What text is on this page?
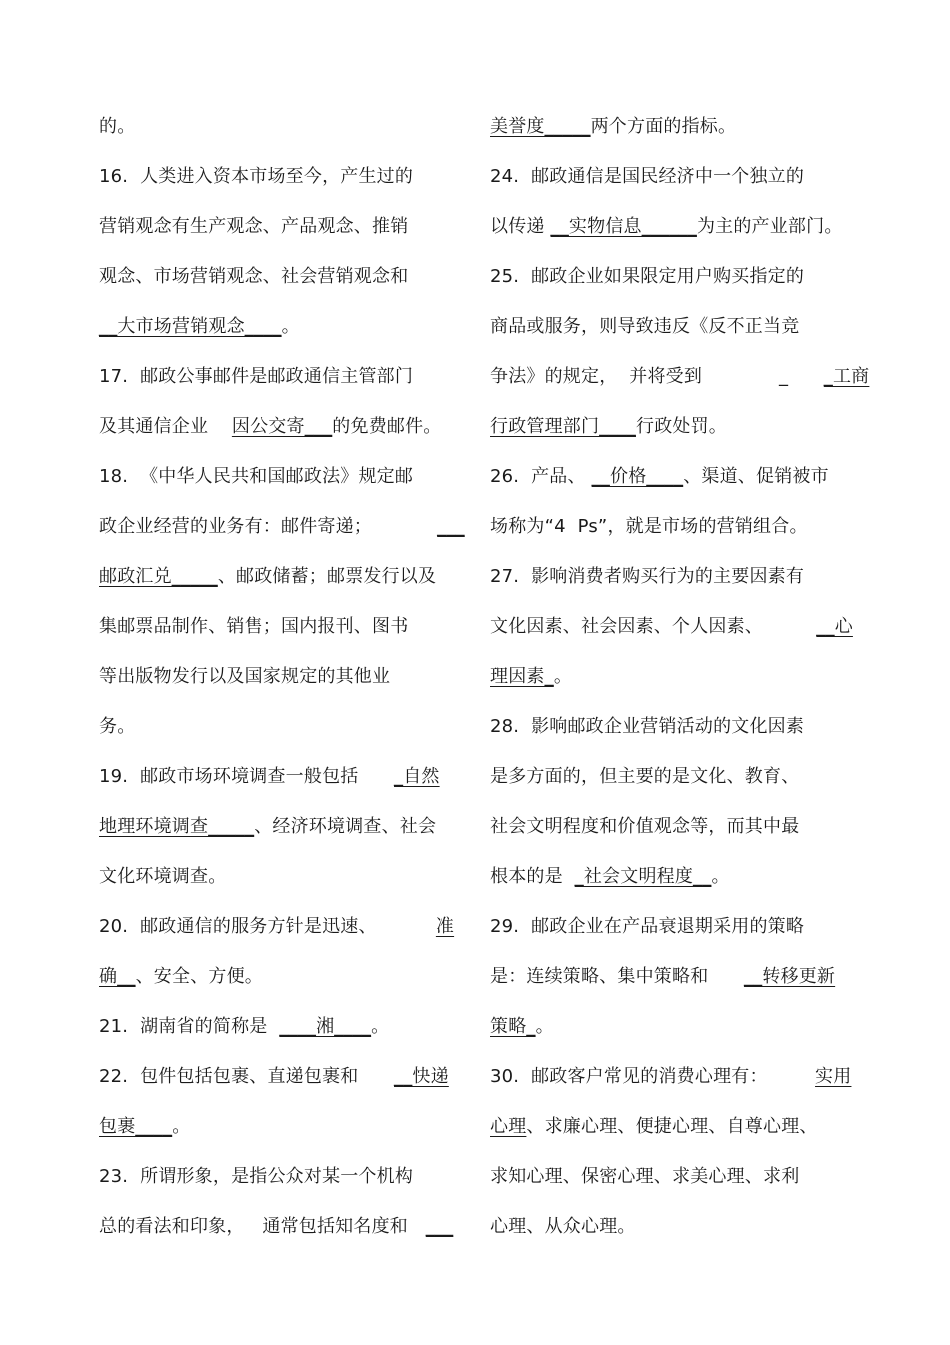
的。
16.  人类进入资本市场至今，产生过的
营销观念有生产观念、产品观念、推销
观念、市场营销观念、社会营销观念和
__大市场营销观念____。
17.  邮政公事邮件是邮政通信主管部门
及其通信企业    因公交寄___的免费邮件。
18.  《中华人民共和国邮政法》规定邮
政企业经营的业务有：邮件寄递；           ___
邮政汇兑_____、邮政储蓄；邮票发行以及
集邮票品制作、销售；国内报刊、图书
等出版物发行以及国家规定的其他业
务。
19.  邮政市场环境调查一般包括      _自然
地理环境调查_____、经济环境调查、社会
文化环境调查。
20.  邮政通信的服务方针是迅速、          准
确__、安全、方便。
21.  湖南省的简称是  ____湘____。
22.  包件包括包裹、直递包裹和      __快递
包裹____。
23.  所谓形象，是指公众对某一个机构
总的看法和印象，   通常包括知名度和   ___
美誉度_____两个方面的指标。
24.  邮政通信是国民经济中一个独立的
以传递 __实物信息______为主的产业部门。
25.  邮政企业如果限定用户购买指定的
商品或服务，则导致违反《反不正当竞
争法》的规定，  并将受到             _      _工商
行政管理部门____行政处罚。
26.  产品、 __价格____、渠道、促销被市
场称为“4  Ps”，就是市场的营销组合。
27.  影响消费者购买行为的主要因素有
文化因素、社会因素、个人因素、         __心
理因素_。
28.  影响邮政企业营销活动的文化因素
是多方面的，但主要的是文化、教育、
社会文明程度和价值观念等，而其中最
根本的是  _社会文明程度__。
29.  邮政企业在产品衰退期采用的策略
是：连续策略、集中策略和      __转移更新
策略_。
30.  邮政客户常见的消费心理有：        实用
心理、求廉心理、便捷心理、自尊心理、
求知心理、保密心理、求美心理、求利
心理、从众心理。
